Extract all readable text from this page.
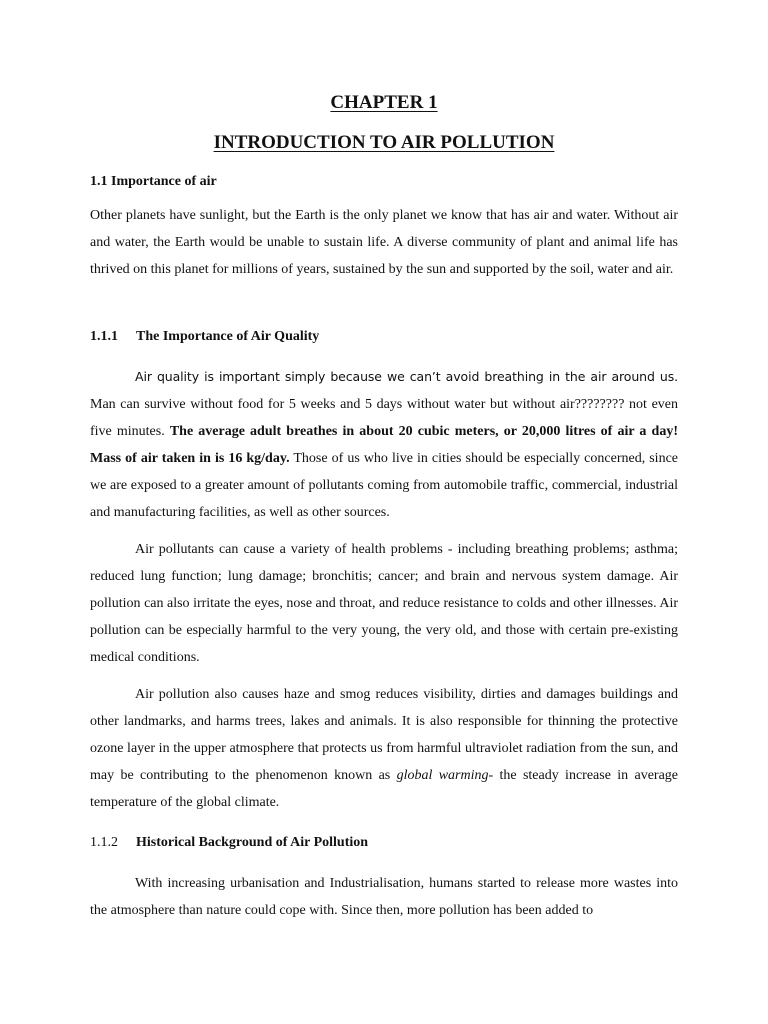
CHAPTER 1
INTRODUCTION TO AIR POLLUTION

1.1 Importance of air

Other planets have sunlight, but the Earth is the only planet we know that has air and water. Without air and water, the Earth would be unable to sustain life. A diverse community of plant and animal life has thrived on this planet for millions of years, sustained by the sun and supported by the soil, water and air.

1.1.1 The Importance of Air Quality

Air quality is important simply because we can’t avoid breathing in the air around us. Man can survive without food for 5 weeks and 5 days without water but without air???????? not even five minutes. The average adult breathes in about 20 cubic meters, or 20,000 litres of air a day! Mass of air taken in is 16 kg/day. Those of us who live in cities should be especially concerned, since we are exposed to a greater amount of pollutants coming from automobile traffic, commercial, industrial and manufacturing facilities, as well as other sources.

Air pollutants can cause a variety of health problems - including breathing problems; asthma; reduced lung function; lung damage; bronchitis; cancer; and brain and nervous system damage. Air pollution can also irritate the eyes, nose and throat, and reduce resistance to colds and other illnesses. Air pollution can be especially harmful to the very young, the very old, and those with certain pre-existing medical conditions.

Air pollution also causes haze and smog reduces visibility, dirties and damages buildings and other landmarks, and harms trees, lakes and animals. It is also responsible for thinning the protective ozone layer in the upper atmosphere that protects us from harmful ultraviolet radiation from the sun, and may be contributing to the phenomenon known as global warming- the steady increase in average temperature of the global climate.

1.1.2 Historical Background of Air Pollution

With increasing urbanisation and Industrialisation, humans started to release more wastes into the atmosphere than nature could cope with. Since then, more pollution has been added to
